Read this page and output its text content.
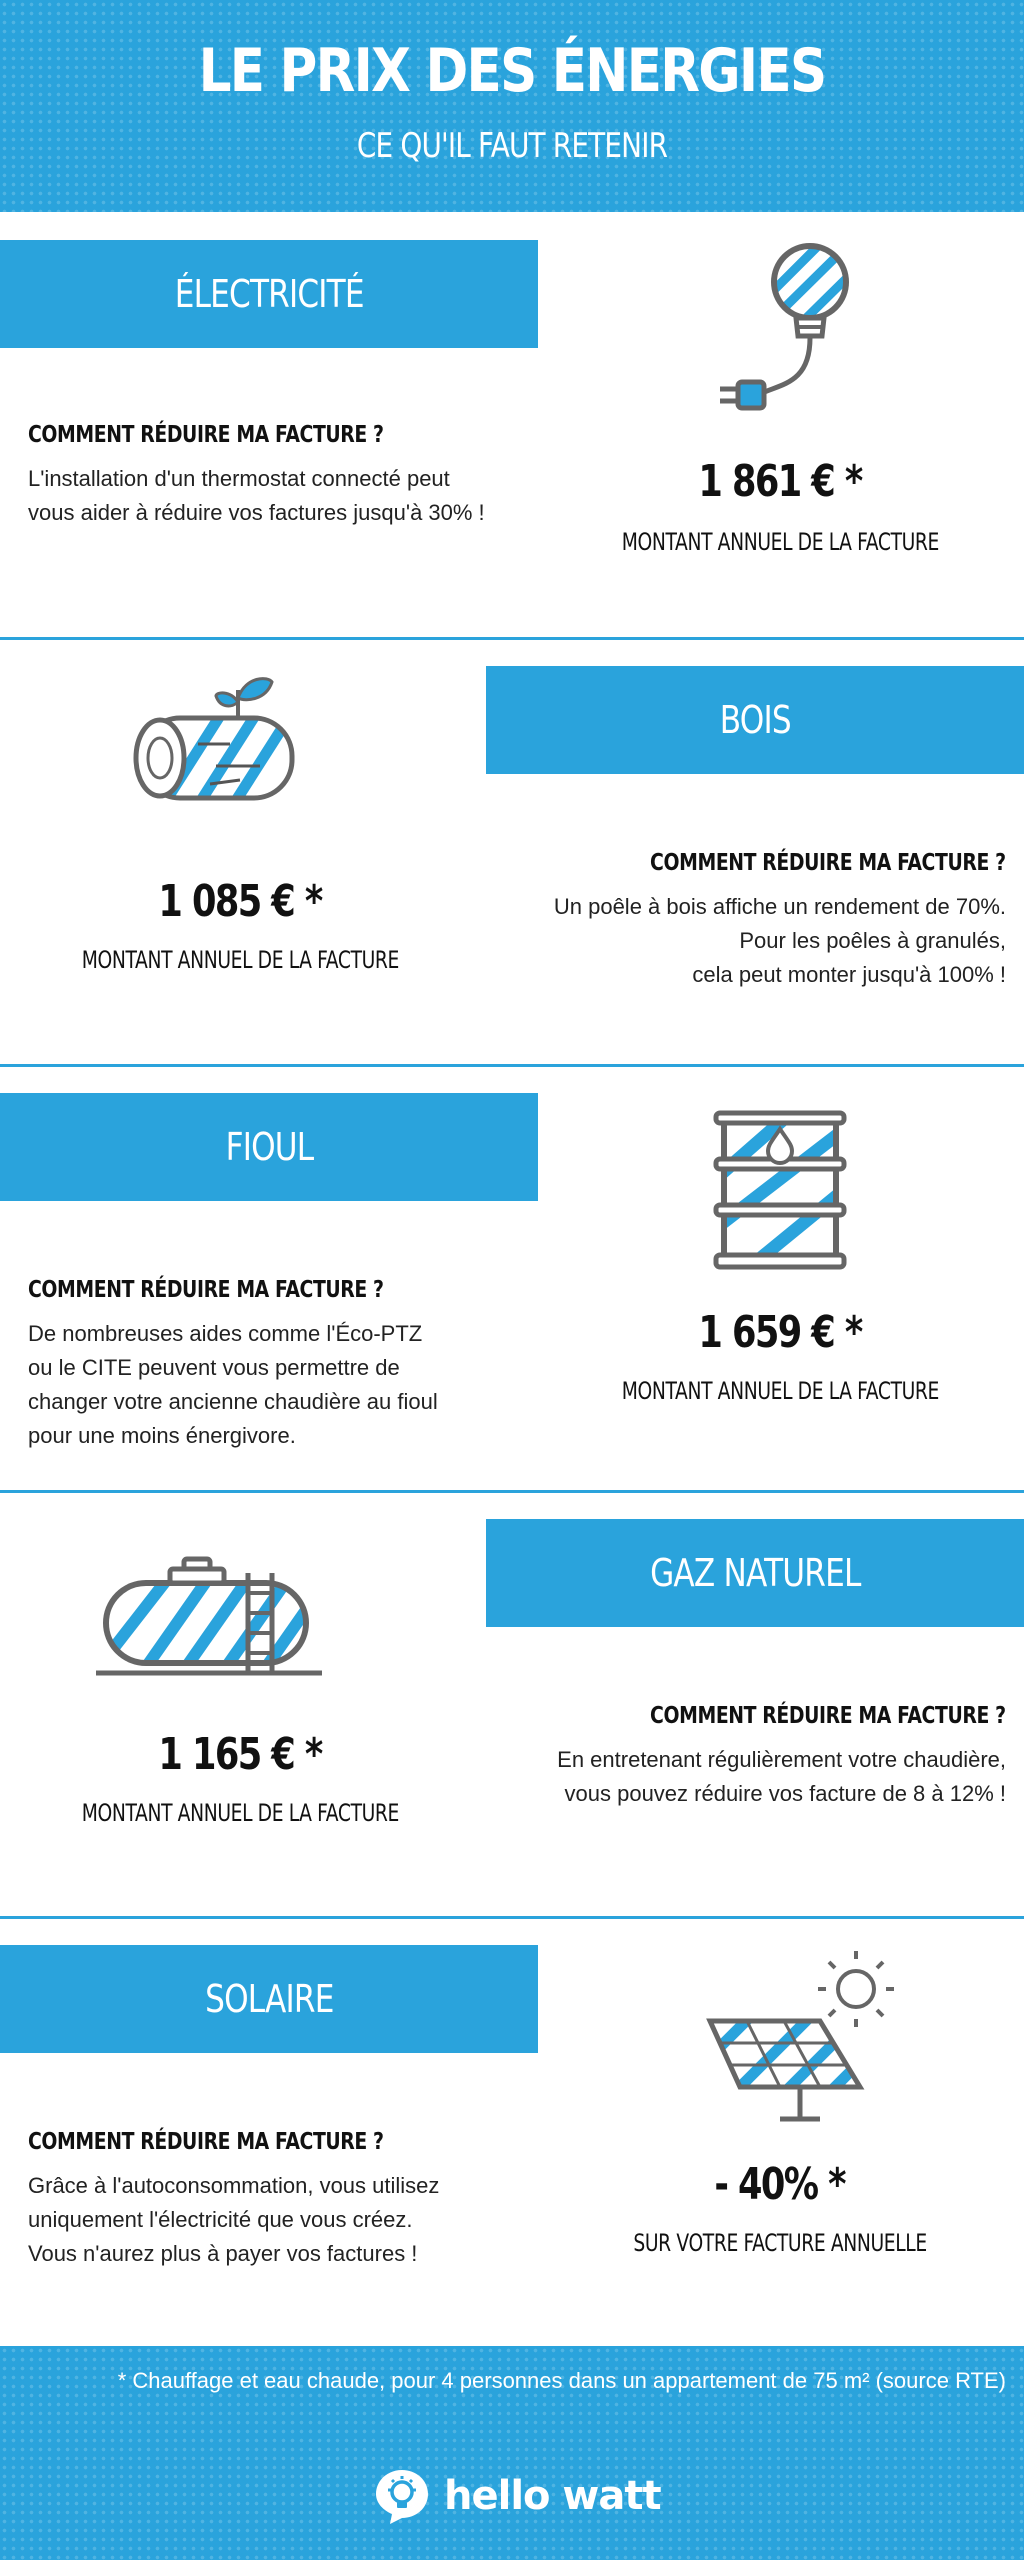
LE PRIX DES ÉNERGIES
CE QU'IL FAUT RETENIR
ÉLECTRICITÉ
COMMENT RÉDUIRE MA FACTURE ?
L'installation d'un thermostat connecté peut
vous aider à réduire vos factures jusqu'à 30% !
1 861 € *
MONTANT ANNUEL DE LA FACTURE
BOIS
1 085 € *
MONTANT ANNUEL DE LA FACTURE
COMMENT RÉDUIRE MA FACTURE ?
Un poêle à bois affiche un rendement de 70%.
Pour les poêles à granulés,
cela peut monter jusqu'à 100% !
FIOUL
COMMENT RÉDUIRE MA FACTURE ?
De nombreuses aides comme l'Éco-PTZ
ou le CITE peuvent vous permettre de
changer votre ancienne chaudière au fioul
pour une moins énergivore.
1 659 € *
MONTANT ANNUEL DE LA FACTURE
GAZ NATUREL
1 165 € *
MONTANT ANNUEL DE LA FACTURE
COMMENT RÉDUIRE MA FACTURE ?
En entretenant régulièrement votre chaudière,
vous pouvez réduire vos facture de 8 à 12% !
SOLAIRE
COMMENT RÉDUIRE MA FACTURE ?
Grâce à l'autoconsommation, vous utilisez
uniquement l'électricité que vous créez.
Vous n'aurez plus à payer vos factures !
- 40% *
SUR VOTRE FACTURE ANNUELLE
* Chauffage et eau chaude, pour 4 personnes dans un appartement de 75 m² (source RTE)
hello watt
